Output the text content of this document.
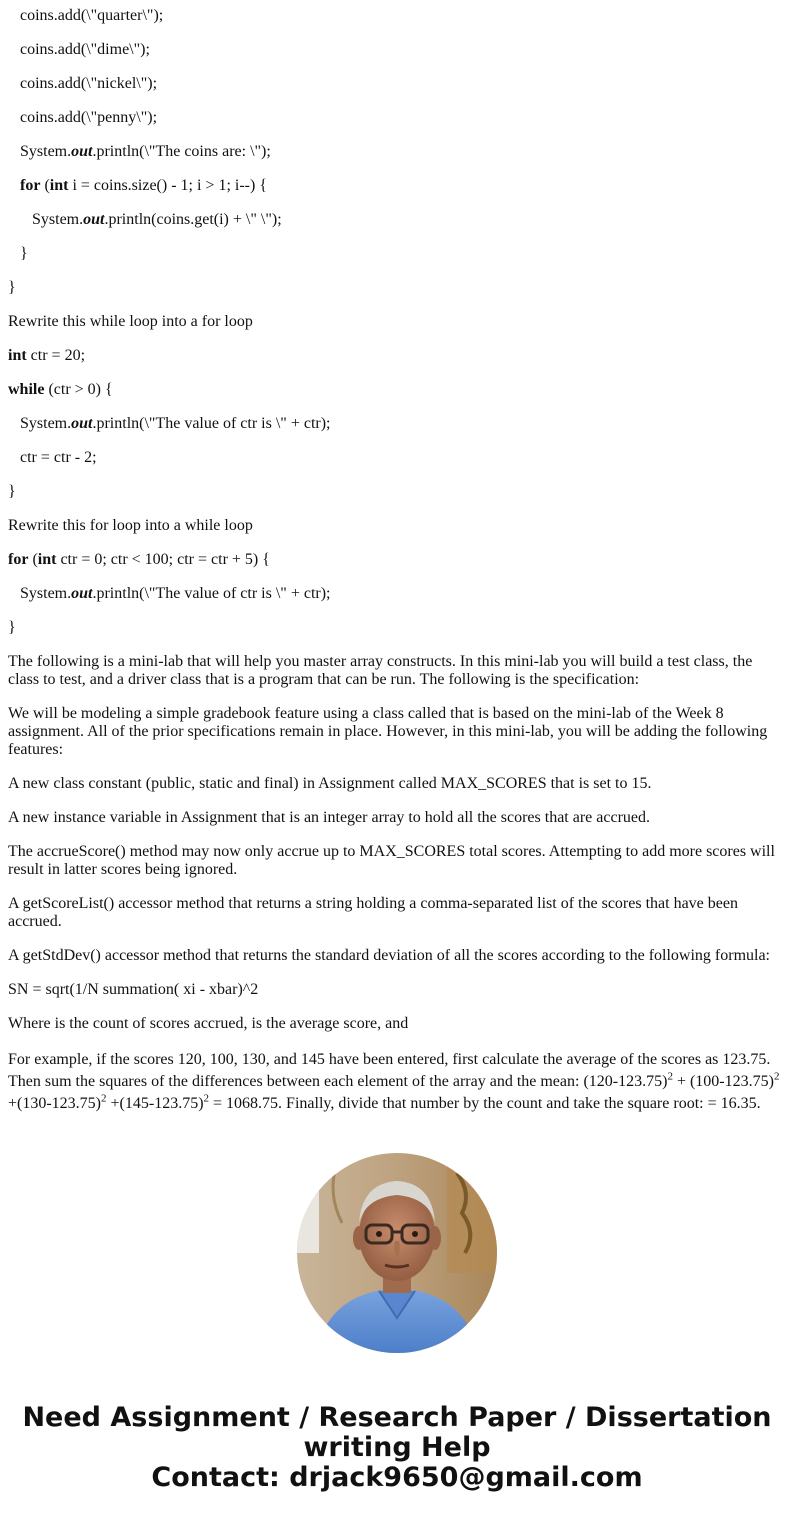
coins.add(\"quarter\");

coins.add(\"dime\");

coins.add(\"nickel\");

coins.add(\"penny\");

System.out.println(\"The coins are: \");

for (int i = coins.size() - 1; i > 1; i--) {

System.out.println(coins.get(i) + \" \");

}

}

Rewrite this while loop into a for loop

int ctr = 20;

while (ctr > 0) {

System.out.println(\"The value of ctr is \" + ctr);

ctr = ctr - 2;

}

Rewrite this for loop into a while loop

for (int ctr = 0; ctr < 100; ctr = ctr + 5) {

System.out.println(\"The value of ctr is \" + ctr);

}

The following is a mini-lab that will help you master array constructs. In this mini-lab you will build a test class, the class to test, and a driver class that is a program that can be run. The following is the specification:

We will be modeling a simple gradebook feature using a class called that is based on the mini-lab of the Week 8 assignment. All of the prior specifications remain in place. However, in this mini-lab, you will be adding the following features:

A new class constant (public, static and final) in Assignment called MAX_SCORES that is set to 15.

A new instance variable in Assignment that is an integer array to hold all the scores that are accrued.

The accrueScore() method may now only accrue up to MAX_SCORES total scores. Attempting to add more scores will result in latter scores being ignored.

A getScoreList() accessor method that returns a string holding a comma-separated list of the scores that have been accrued.

A getStdDev() accessor method that returns the standard deviation of all the scores according to the following formula:

SN = sqrt(1/N summation( xi - xbar)^2

Where is the count of scores accrued, is the average score, and

For example, if the scores 120, 100, 130, and 145 have been entered, first calculate the average of the scores as 123.75. Then sum the squares of the differences between each element of the array and the mean: $(120-123.75)^2 + (100-123.75)^2 +(130-123.75)^2 +(145-123.75)^2 = 1068.75$. Finally, divide that number by the count and take the square root: = 16.35.

Need Assignment / Research Paper / Dissertation
writing Help
Contact: drjack9650@gmail.com
